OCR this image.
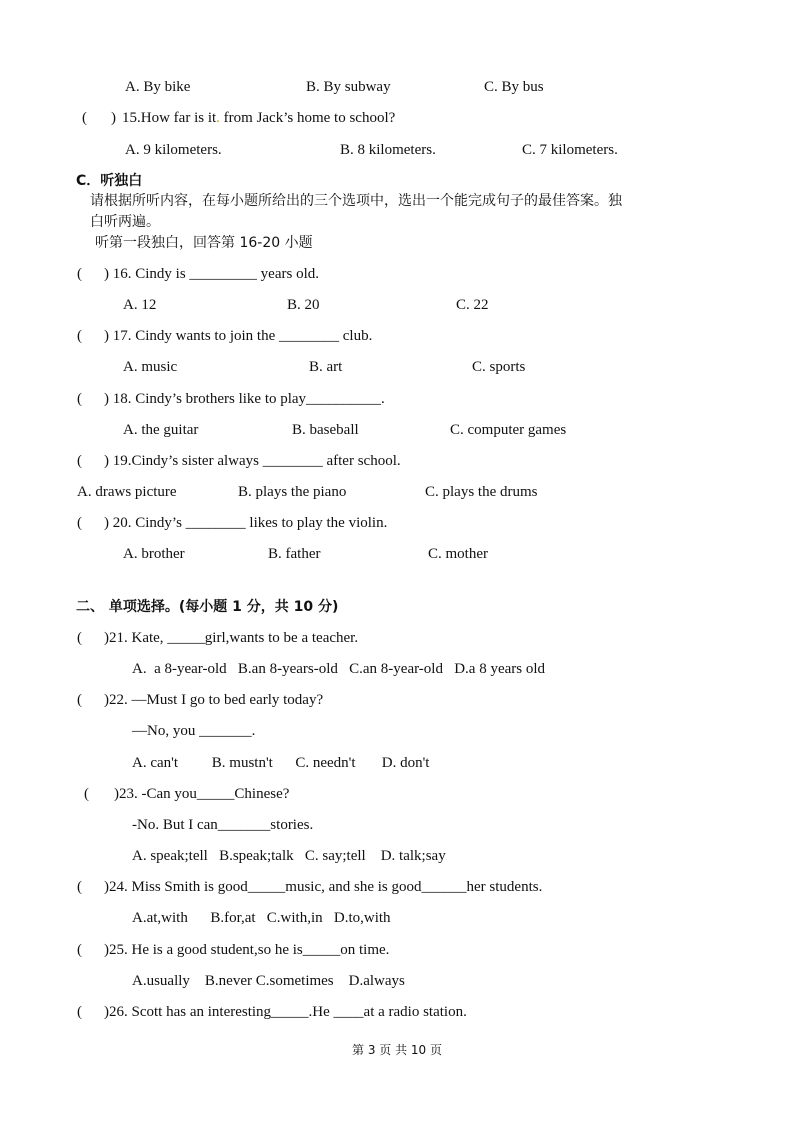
A. By bike	B. By subway	C. By bus
( ) 15.How far is it. from Jack’s home to school?
A. 9 kilometers.	B. 8 kilometers.	C. 7 kilometers.
C．听独白
请根据所听内容，在每小题所给出的三个选项中，选出一个能完成句子的最佳答案。独
白听两遍。
听第一段独白，回答第 16-20 小题
( ) 16. Cindy is _________ years old.
A. 12	B. 20	C. 22
( ) 17. Cindy wants to join the ________ club.
A. music	B. art	C. sports
( ) 18. Cindy’s brothers like to play__________.
A. the guitar	B. baseball	C. computer games
( ) 19.Cindy’s sister always ________ after school.
A. draws picture	B. plays the piano	C. plays the drums
( ) 20. Cindy’s ________ likes to play the violin.
A. brother	B. father	C. mother
二、 单项选择。(每小题 1 分，共 10 分)
( )21. Kate, _____girl,wants to be a teacher.
A.  a 8-year-old   B.an 8-years-old   C.an 8-year-old   D.a 8 years old
( )22. —Must I go to bed early today?
—No, you _______.
A. can't         B. mustn't      C. needn't       D. don't
( )23. -Can you_____Chinese?
-No. But I can_______stories.
A. speak;tell   B.speak;talk   C. say;tell    D. talk;say
( )24. Miss Smith is good_____music, and she is good______her students.
A.at,with      B.for,at   C.with,in   D.to,with
( )25. He is a good student,so he is_____on time.
A.usually    B.never C.sometimes    D.always
( )26. Scott has an interesting_____.He ____at a radio station.
第 3 页 共 10 页
